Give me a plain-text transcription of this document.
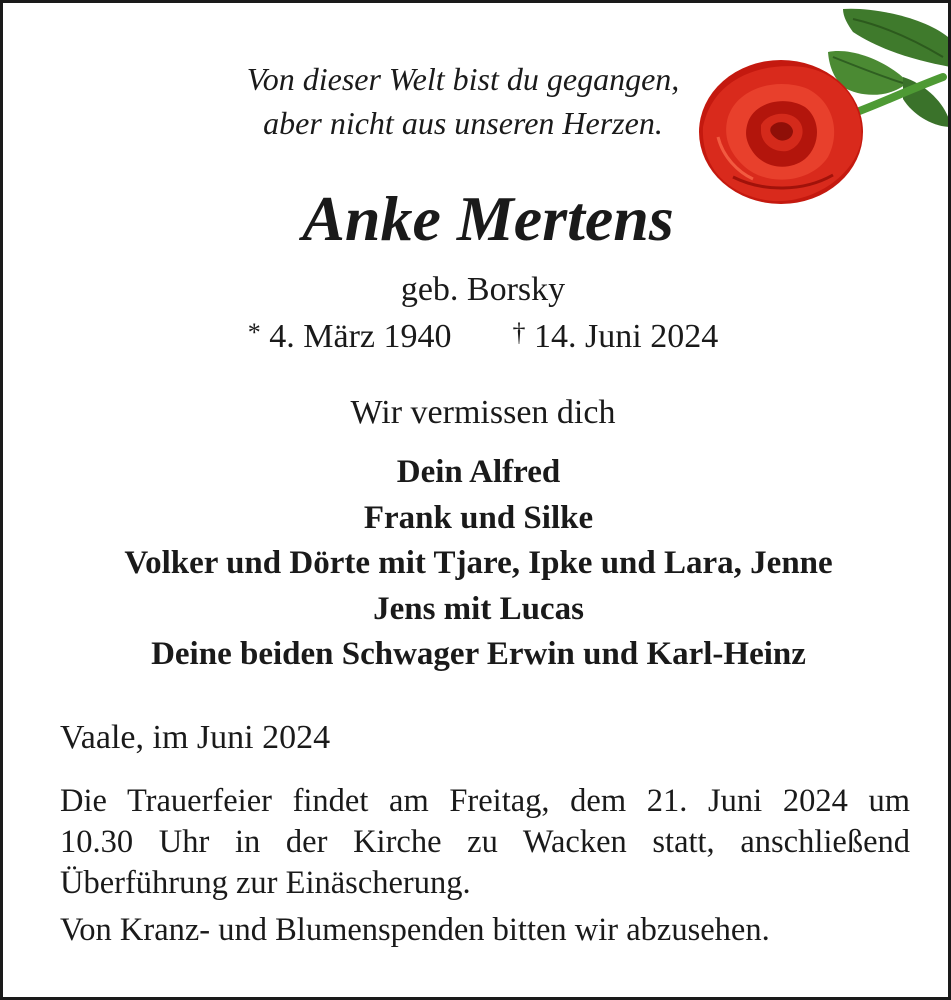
Von dieser Welt bist du gegangen,
aber nicht aus unseren Herzen.
Anke Mertens
geb. Borsky
* 4. März 1940 † 14. Juni 2024
Wir vermissen dich
Dein Alfred
Frank und Silke
Volker und Dörte mit Tjare, Ipke und Lara, Jenne
Jens mit Lucas
Deine beiden Schwager Erwin und Karl-Heinz
Vaale, im Juni 2024
Die Trauerfeier findet am Freitag, dem 21. Juni 2024 um
10.30 Uhr in der Kirche zu Wacken statt, anschließend
Überführung zur Einäscherung.
Von Kranz- und Blumenspenden bitten wir abzusehen.
